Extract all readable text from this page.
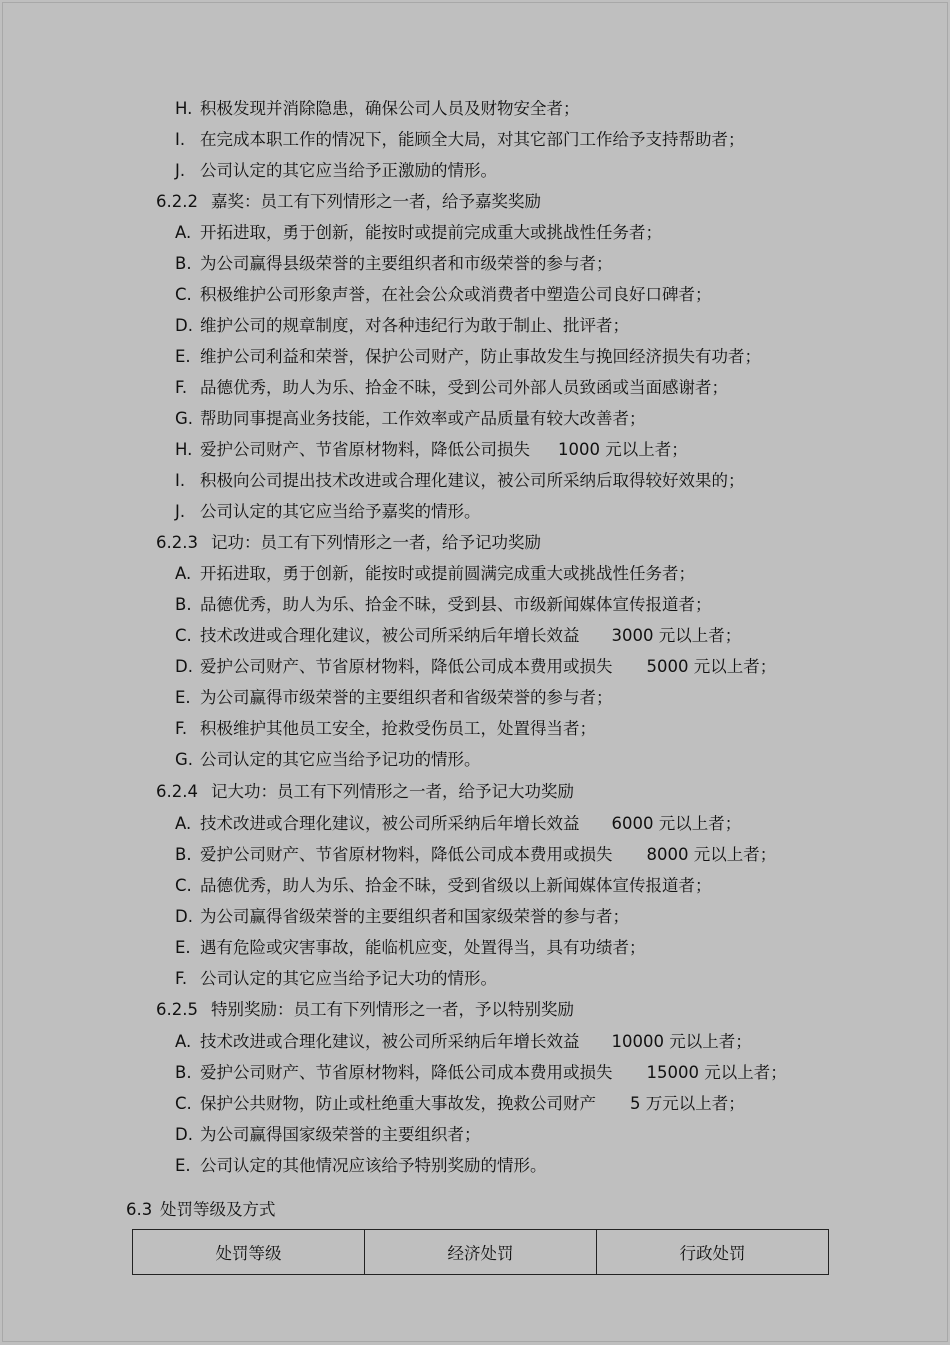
H. 积极发现并消除隐患，确保公司人员及财物安全者；
I. 在完成本职工作的情况下，能顾全大局，对其它部门工作给予支持帮助者；
J. 公司认定的其它应当给予正激励的情形。
6.2.2 嘉奖：员工有下列情形之一者，给予嘉奖奖励
A. 开拓进取，勇于创新，能按时或提前完成重大或挑战性任务者；
B. 为公司赢得县级荣誉的主要组织者和市级荣誉的参与者；
C. 积极维护公司形象声誉，在社会公众或消费者中塑造公司良好口碑者；
D. 维护公司的规章制度，对各种违纪行为敢于制止、批评者；
E. 维护公司利益和荣誉，保护公司财产，防止事故发生与挽回经济损失有功者；
F. 品德优秀，助人为乐、拾金不昧，受到公司外部人员致函或当面感谢者；
G. 帮助同事提高业务技能，工作效率或产品质量有较大改善者；
H. 爱护公司财产、节省原材物料，降低公司损失 1000 元以上者；
I. 积极向公司提出技术改进或合理化建议，被公司所采纳后取得较好效果的；
J. 公司认定的其它应当给予嘉奖的情形。
6.2.3 记功：员工有下列情形之一者，给予记功奖励
A. 开拓进取，勇于创新，能按时或提前圆满完成重大或挑战性任务者；
B. 品德优秀，助人为乐、拾金不昧，受到县、市级新闻媒体宣传报道者；
C. 技术改进或合理化建议，被公司所采纳后年增长效益 3000 元以上者；
D. 爱护公司财产、节省原材物料，降低公司成本费用或损失 5000 元以上者；
E. 为公司赢得市级荣誉的主要组织者和省级荣誉的参与者；
F. 积极维护其他员工安全，抢救受伤员工，处置得当者；
G. 公司认定的其它应当给予记功的情形。
6.2.4 记大功：员工有下列情形之一者，给予记大功奖励
A. 技术改进或合理化建议，被公司所采纳后年增长效益 6000 元以上者；
B. 爱护公司财产、节省原材物料，降低公司成本费用或损失 8000 元以上者；
C. 品德优秀，助人为乐、拾金不昧，受到省级以上新闻媒体宣传报道者；
D. 为公司赢得省级荣誉的主要组织者和国家级荣誉的参与者；
E. 遇有危险或灾害事故，能临机应变，处置得当，具有功绩者；
F. 公司认定的其它应当给予记大功的情形。
6.2.5 特别奖励：员工有下列情形之一者，予以特别奖励
A. 技术改进或合理化建议，被公司所采纳后年增长效益 10000 元以上者；
B. 爱护公司财产、节省原材物料，降低公司成本费用或损失 15000 元以上者；
C. 保护公共财物，防止或杜绝重大事故发，挽救公司财产 5 万元以上者；
D. 为公司赢得国家级荣誉的主要组织者；
E. 公司认定的其他情况应该给予特别奖励的情形。
6.3 处罚等级及方式
处罚等级	经济处罚	行政处罚
